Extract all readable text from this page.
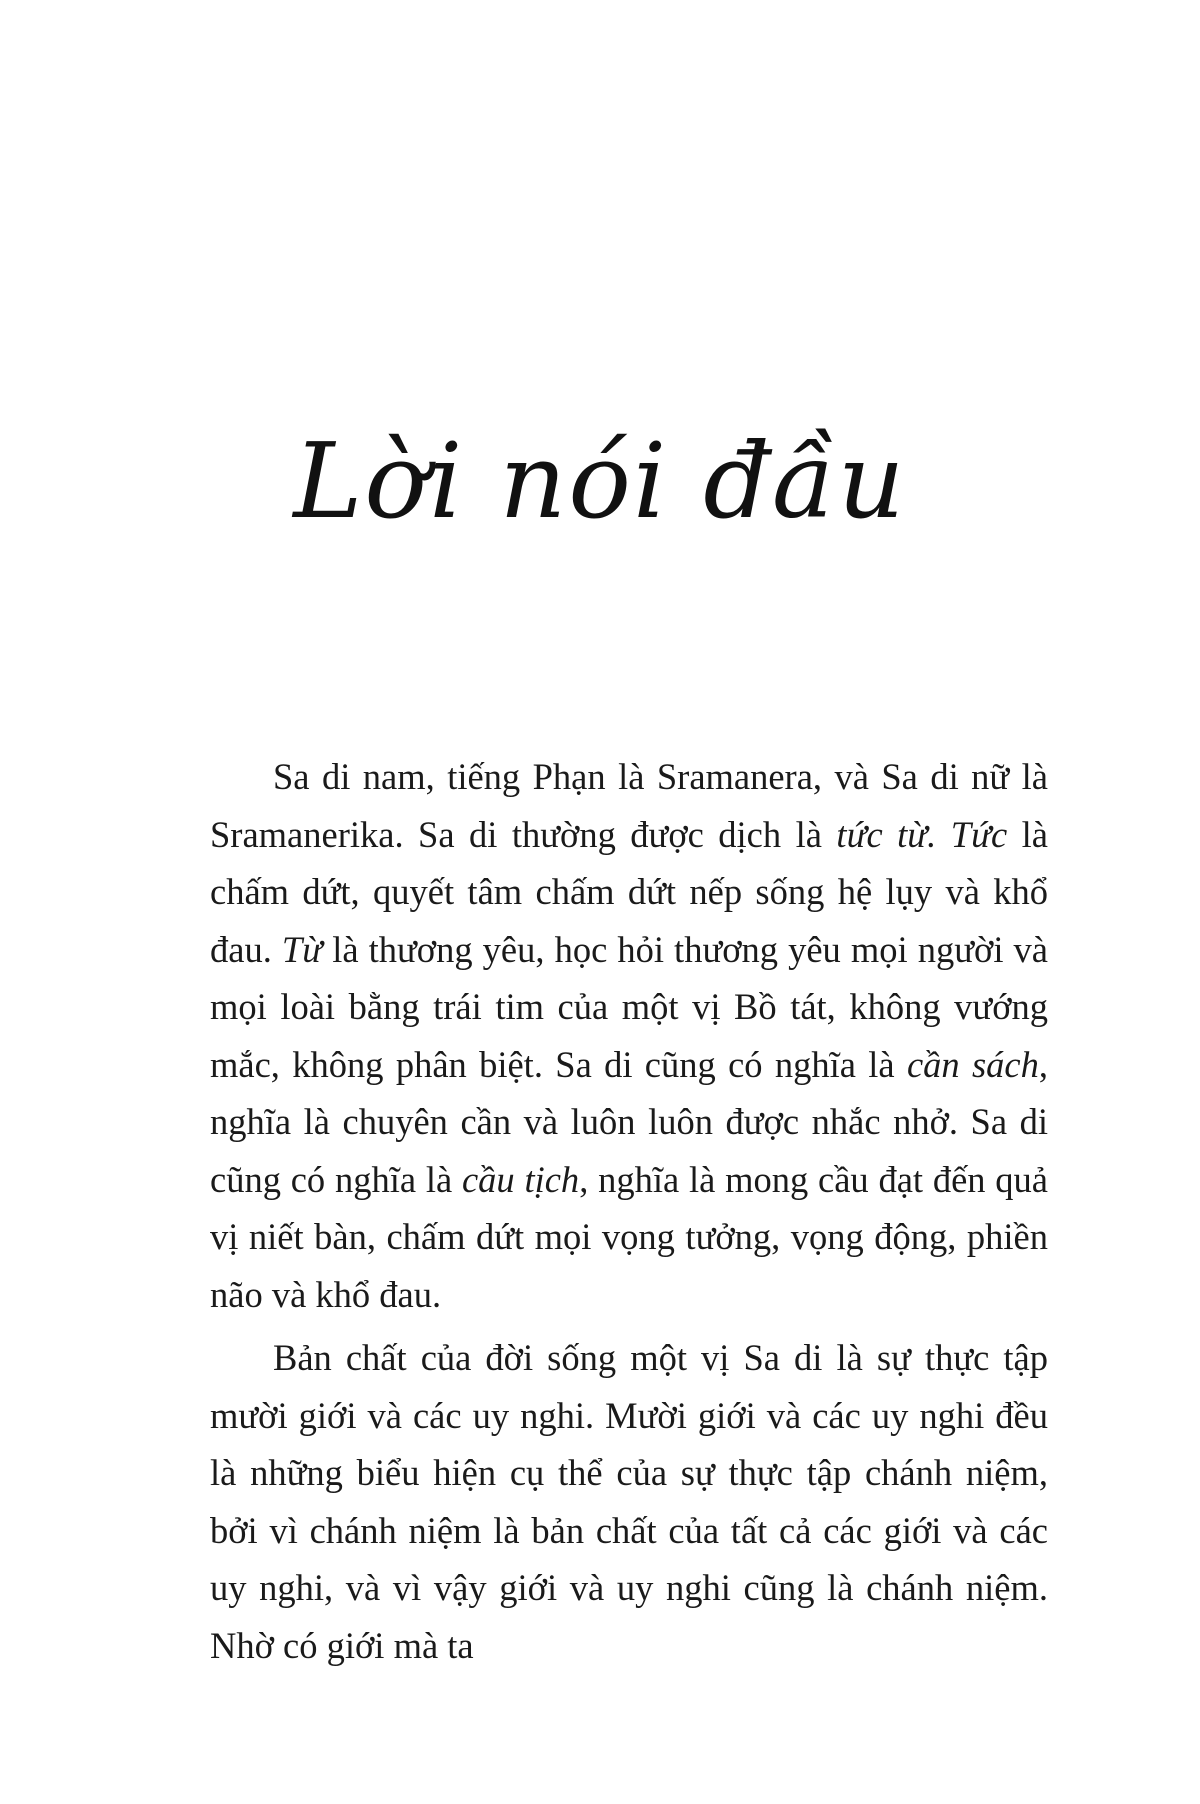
Lời nói đầu

Sa di nam, tiếng Phạn là Sramanera, và Sa di nữ là Sramanerika. Sa di thường được dịch là tức từ. Tức là chấm dứt, quyết tâm chấm dứt nếp sống hệ lụy và khổ đau. Từ là thương yêu, học hỏi thương yêu mọi người và mọi loài bằng trái tim của một vị Bồ tát, không vướng mắc, không phân biệt. Sa di cũng có nghĩa là cần sách, nghĩa là chuyên cần và luôn luôn được nhắc nhở. Sa di cũng có nghĩa là cầu tịch, nghĩa là mong cầu đạt đến quả vị niết bàn, chấm dứt mọi vọng tưởng, vọng động, phiền não và khổ đau.

Bản chất của đời sống một vị Sa di là sự thực tập mười giới và các uy nghi. Mười giới và các uy nghi đều là những biểu hiện cụ thể của sự thực tập chánh niệm, bởi vì chánh niệm là bản chất của tất cả các giới và các uy nghi, và vì vậy giới và uy nghi cũng là chánh niệm. Nhờ có giới mà ta
